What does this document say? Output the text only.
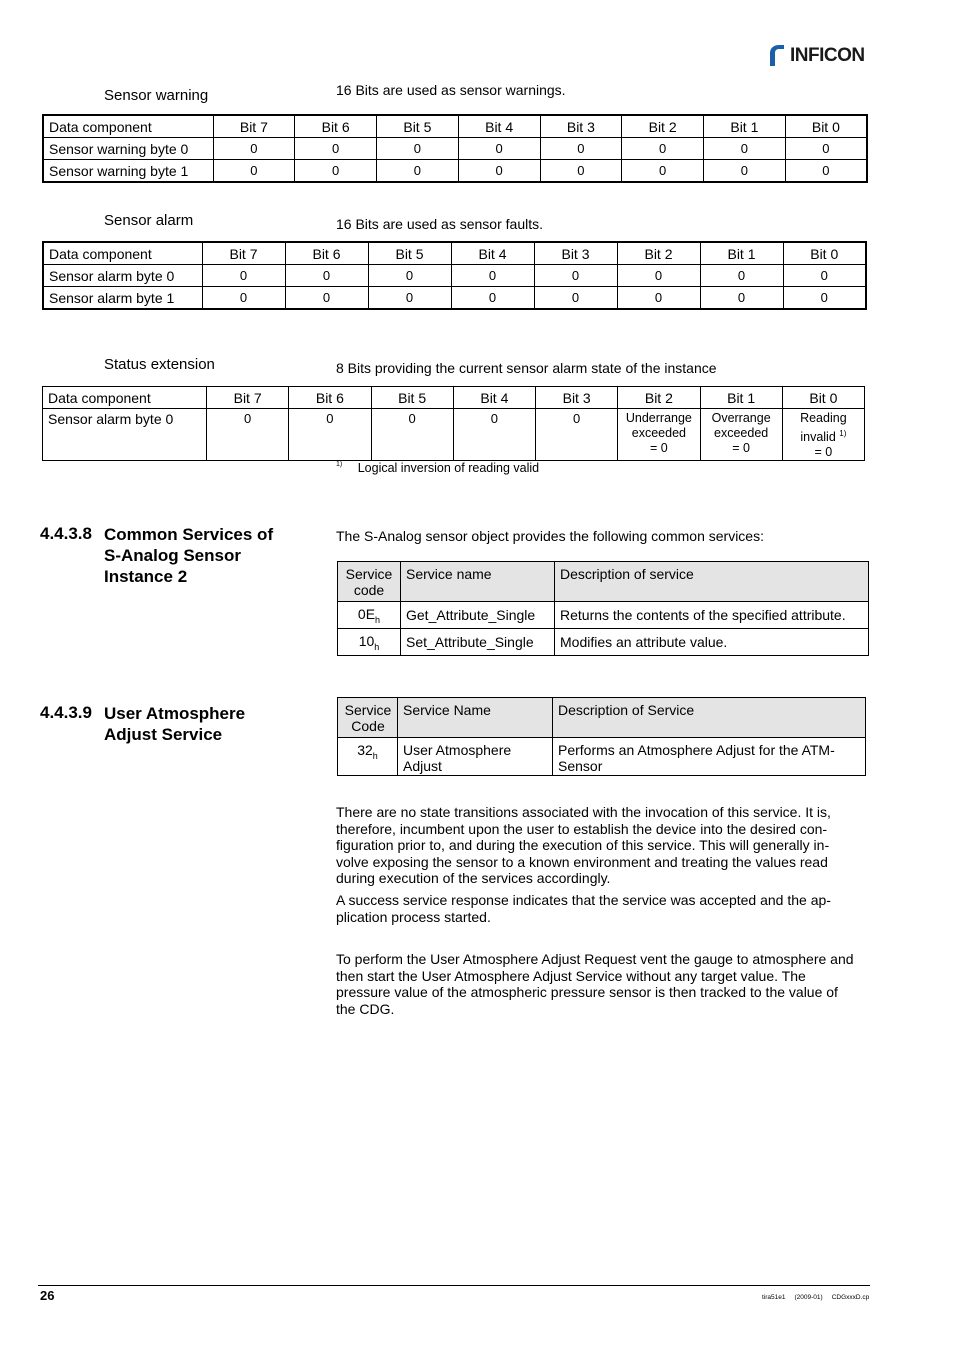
INFICON
Sensor warning	16 Bits are used as sensor warnings.
Data component	Bit 7	Bit 6	Bit 5	Bit 4	Bit 3	Bit 2	Bit 1	Bit 0
Sensor warning byte 0	0	0	0	0	0	0	0	0
Sensor warning byte 1	0	0	0	0	0	0	0	0
Sensor alarm	16 Bits are used as sensor faults.
Data component	Bit 7	Bit 6	Bit 5	Bit 4	Bit 3	Bit 2	Bit 1	Bit 0
Sensor alarm byte 0	0	0	0	0	0	0	0	0
Sensor alarm byte 1	0	0	0	0	0	0	0	0
Status extension	8 Bits providing the current sensor alarm state of the instance
Data component	Bit 7	Bit 6	Bit 5	Bit 4	Bit 3	Bit 2	Bit 1	Bit 0
Sensor alarm byte 0	0	0	0	0	0	Underrange
exceeded
= 0	Overrange
exceeded
= 0	Reading
invalid $^{1)}$
= 0
$^{1)}$ Logical inversion of reading valid
4.4.3.8 Common Services of
S-Analog Sensor
Instance 2
The S-Analog sensor object provides the following common services:
Service code	Service name	Description of service
$0E_h$	Get_Attribute_Single	Returns the contents of the specified attribute.
$10_h$	Set_Attribute_Single	Modifies an attribute value.
4.4.3.9 User Atmosphere
Adjust Service
Service Code	Service Name	Description of Service
$32_h$	User Atmosphere Adjust	Performs an Atmosphere Adjust for the ATM-Sensor
There are no state transitions associated with the invocation of this service. It is, therefore, incumbent upon the user to establish the device into the desired con-figuration prior to, and during the execution of this service. This will generally in-volve exposing the sensor to a known environment and treating the values read during execution of the services accordingly.
A success service response indicates that the service was accepted and the ap-plication process started.
To perform the User Atmosphere Adjust Request vent the gauge to atmosphere and then start the User Atmosphere Adjust Service without any target value. The pressure value of the atmospheric pressure sensor is then tracked to the value of the CDG.
26	tira51e1     (2009-01)     CDGxxxD.cp
